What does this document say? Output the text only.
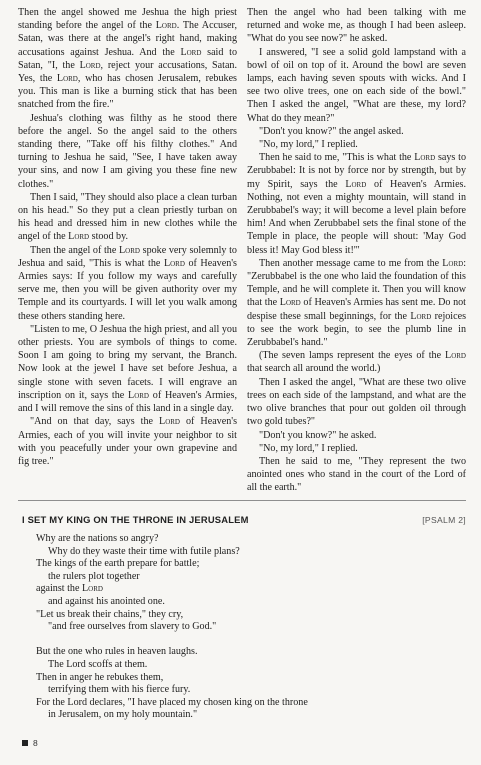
Then the angel showed me Jeshua the high priest standing before the angel of the Lord. The Accuser, Satan, was there at the angel's right hand, making accusations against Jeshua. And the Lord said to Satan, "I, the Lord, reject your accusations, Satan. Yes, the Lord, who has chosen Jerusalem, rebukes you. This man is like a burning stick that has been snatched from the fire."

Jeshua's clothing was filthy as he stood there before the angel. So the angel said to the others standing there, "Take off his filthy clothes." And turning to Jeshua he said, "See, I have taken away your sins, and now I am giving you these fine new clothes."

Then I said, "They should also place a clean turban on his head." So they put a clean priestly turban on his head and dressed him in new clothes while the angel of the Lord stood by.

Then the angel of the Lord spoke very solemnly to Jeshua and said, "This is what the Lord of Heaven's Armies says: If you follow my ways and carefully serve me, then you will be given authority over my Temple and its courtyards. I will let you walk among these others standing here.

"Listen to me, O Jeshua the high priest, and all you other priests. You are symbols of things to come. Soon I am going to bring my servant, the Branch. Now look at the jewel I have set before Jeshua, a single stone with seven facets. I will engrave an inscription on it, says the Lord of Heaven's Armies, and I will remove the sins of this land in a single day.

"And on that day, says the Lord of Heaven's Armies, each of you will invite your neighbor to sit with you peacefully under your own grapevine and fig tree."

Then the angel who had been talking with me returned and woke me, as though I had been asleep. "What do you see now?" he asked.

I answered, "I see a solid gold lampstand with a bowl of oil on top of it. Around the bowl are seven lamps, each having seven spouts with wicks. And I see two olive trees, one on each side of the bowl." Then I asked the angel, "What are these, my lord? What do they mean?"

"Don't you know?" the angel asked.

"No, my lord," I replied.

Then he said to me, "This is what the Lord says to Zerubbabel: It is not by force nor by strength, but by my Spirit, says the Lord of Heaven's Armies. Nothing, not even a mighty mountain, will stand in Zerubbabel's way; it will become a level plain before him! And when Zerubbabel sets the final stone of the Temple in place, the people will shout: 'May God bless it! May God bless it!'"

Then another message came to me from the Lord: "Zerubbabel is the one who laid the foundation of this Temple, and he will complete it. Then you will know that the Lord of Heaven's Armies has sent me. Do not despise these small beginnings, for the Lord rejoices to see the work begin, to see the plumb line in Zerubbabel's hand."

(The seven lamps represent the eyes of the Lord that search all around the world.)

Then I asked the angel, "What are these two olive trees on each side of the lampstand, and what are the two olive branches that pour out golden oil through two gold tubes?"

"Don't you know?" he asked.

"No, my lord," I replied.

Then he said to me, "They represent the two anointed ones who stand in the court of the Lord of all the earth."

I SET MY KING ON THE THRONE IN JERUSALEM	[PSALM 2]
Why are the nations so angry?
Why do they waste their time with futile plans?
The kings of the earth prepare for battle;
the rulers plot together
against the Lord
and against his anointed one.
"Let us break their chains," they cry,
"and free ourselves from slavery to God."
But the one who rules in heaven laughs.
The Lord scoffs at them.
Then in anger he rebukes them,
terrifying them with his fierce fury.
For the Lord declares, "I have placed my chosen king on the throne
in Jerusalem, on my holy mountain."
8
